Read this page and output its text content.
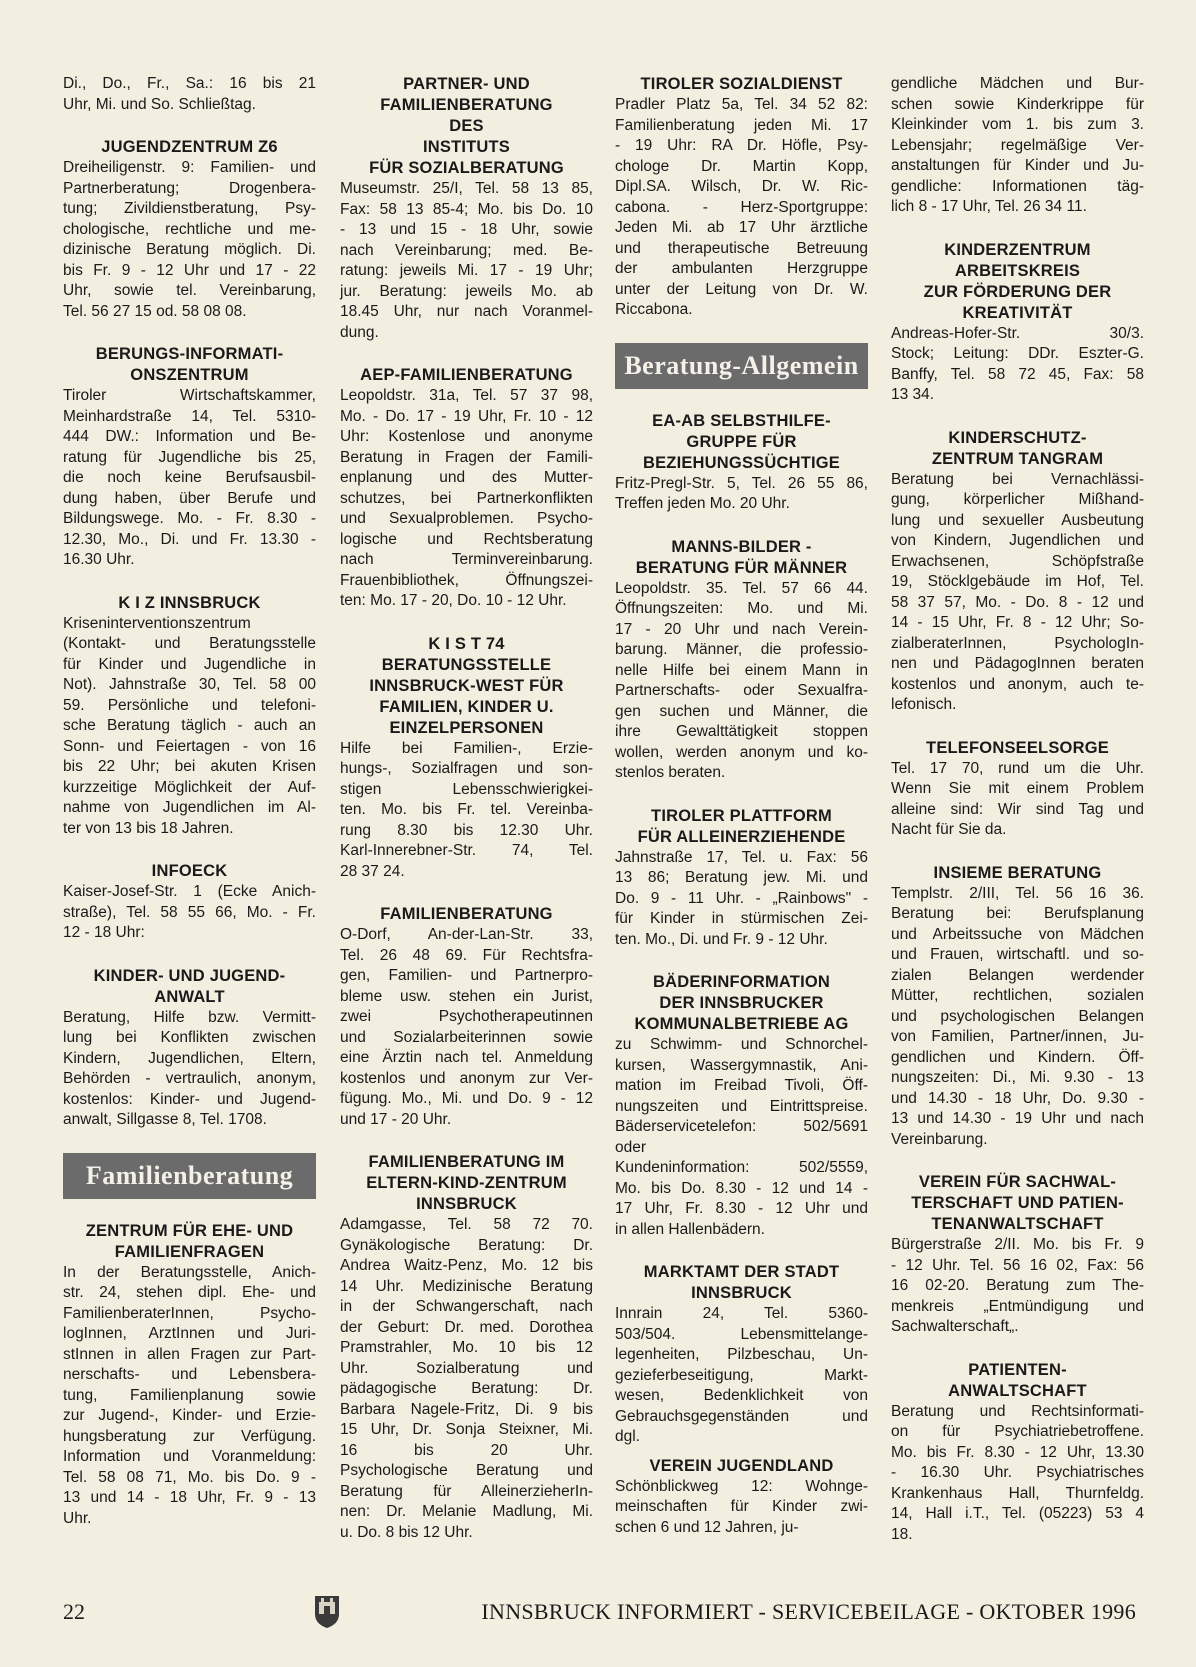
Di., Do., Fr., Sa.: 16 bis 21
Uhr, Mi. und So. Schließtag.
JUGENDZENTRUM Z6
Dreiheiligenstr. 9: Familien- und
Partnerberatung; Drogenbera-
tung; Zivildienstberatung, Psy-
chologische, rechtliche und me-
dizinische Beratung möglich. Di.
bis Fr. 9 - 12 Uhr und 17 - 22
Uhr, sowie tel. Vereinbarung,
Tel. 56 27 15 od. 58 08 08.
BERUNGS-INFORMATI-
ONSZENTRUM
Tiroler Wirtschaftskammer,
Meinhardstraße 14, Tel. 5310-
444 DW.: Information und Be-
ratung für Jugendliche bis 25,
die noch keine Berufsausbil-
dung haben, über Berufe und
Bildungswege. Mo. - Fr. 8.30 -
12.30, Mo., Di. und Fr. 13.30 -
16.30 Uhr.
K I Z INNSBRUCK
Kriseninterventionszentrum
(Kontakt- und Beratungsstelle
für Kinder und Jugendliche in
Not). Jahnstraße 30, Tel. 58 00
59. Persönliche und telefoni-
sche Beratung täglich - auch an
Sonn- und Feiertagen - von 16
bis 22 Uhr; bei akuten Krisen
kurzzeitige Möglichkeit der Auf-
nahme von Jugendlichen im Al-
ter von 13 bis 18 Jahren.
INFOECK
Kaiser-Josef-Str. 1 (Ecke Anich-
straße), Tel. 58 55 66, Mo. - Fr.
12 - 18 Uhr:
KINDER- UND JUGEND-
ANWALT
Beratung, Hilfe bzw. Vermitt-
lung bei Konflikten zwischen
Kindern, Jugendlichen, Eltern,
Behörden - vertraulich, anonym,
kostenlos: Kinder- und Jugend-
anwalt, Sillgasse 8, Tel. 1708.
Familienberatung
ZENTRUM FÜR EHE- UND
FAMILIENFRAGEN
In der Beratungsstelle, Anich-
str. 24, stehen dipl. Ehe- und
FamilienberaterInnen, Psycho-
logInnen, ArztInnen und Juri-
stInnen in allen Fragen zur Part-
nerschafts- und Lebensbera-
tung, Familienplanung sowie
zur Jugend-, Kinder- und Erzie-
hungsberatung zur Verfügung.
Information und Voranmeldung:
Tel. 58 08 71, Mo. bis Do. 9 -
13 und 14 - 18 Uhr, Fr. 9 - 13
Uhr.
PARTNER- UND
FAMILIENBERATUNG
DES
INSTITUTS
FÜR SOZIALBERATUNG
Museumstr. 25/I, Tel. 58 13 85,
Fax: 58 13 85-4; Mo. bis Do. 10
- 13 und 15 - 18 Uhr, sowie
nach Vereinbarung; med. Be-
ratung: jeweils Mi. 17 - 19 Uhr;
jur. Beratung: jeweils Mo. ab
18.45 Uhr, nur nach Voranmel-
dung.
AEP-FAMILIENBERATUNG
Leopoldstr. 31a, Tel. 57 37 98,
Mo. - Do. 17 - 19 Uhr, Fr. 10 - 12
Uhr: Kostenlose und anonyme
Beratung in Fragen der Famili-
enplanung und des Mutter-
schutzes, bei Partnerkonflikten
und Sexualproblemen. Psycho-
logische und Rechtsberatung
nach Terminvereinbarung.
Frauenbibliothek, Öffnungszei-
ten: Mo. 17 - 20, Do. 10 - 12 Uhr.
K I S T 74
BERATUNGSSTELLE
INNSBRUCK-WEST FÜR
FAMILIEN, KINDER U.
EINZELPERSONEN
Hilfe bei Familien-, Erzie-
hungs-, Sozialfragen und son-
stigen Lebensschwierigkei-
ten. Mo. bis Fr. tel. Vereinba-
rung 8.30 bis 12.30 Uhr.
Karl-Innerebner-Str. 74, Tel.
28 37 24.
FAMILIENBERATUNG
O-Dorf, An-der-Lan-Str. 33,
Tel. 26 48 69. Für Rechtsfra-
gen, Familien- und Partnerpro-
bleme usw. stehen ein Jurist,
zwei Psychotherapeutinnen
und Sozialarbeiterinnen sowie
eine Ärztin nach tel. Anmeldung
kostenlos und anonym zur Ver-
fügung. Mo., Mi. und Do. 9 - 12
und 17 - 20 Uhr.
FAMILIENBERATUNG IM
ELTERN-KIND-ZENTRUM
INNSBRUCK
Adamgasse, Tel. 58 72 70.
Gynäkologische Beratung: Dr.
Andrea Waitz-Penz, Mo. 12 bis
14 Uhr. Medizinische Beratung
in der Schwangerschaft, nach
der Geburt: Dr. med. Dorothea
Pramstrahler, Mo. 10 bis 12
Uhr. Sozialberatung und
pädagogische Beratung: Dr.
Barbara Nagele-Fritz, Di. 9 bis
15 Uhr, Dr. Sonja Steixner, Mi.
16 bis 20 Uhr.
Psychologische Beratung und
Beratung für AlleinerzieherIn-
nen: Dr. Melanie Madlung, Mi.
u. Do. 8 bis 12 Uhr.
TIROLER SOZIALDIENST
Pradler Platz 5a, Tel. 34 52 82:
Familienberatung jeden Mi. 17
- 19 Uhr: RA Dr. Höfle, Psy-
chologe Dr. Martin Kopp,
Dipl.SA. Wilsch, Dr. W. Ric-
cabona. - Herz-Sportgruppe:
Jeden Mi. ab 17 Uhr ärztliche
und therapeutische Betreuung
der ambulanten Herzgruppe
unter der Leitung von Dr. W.
Riccabona.
Beratung-Allgemein
EA-AB SELBSTHILFE-
GRUPPE FÜR
BEZIEHUNGSSÜCHTIGE
Fritz-Pregl-Str. 5, Tel. 26 55 86,
Treffen jeden Mo. 20 Uhr.
MANNS-BILDER -
BERATUNG FÜR MÄNNER
Leopoldstr. 35. Tel. 57 66 44.
Öffnungszeiten: Mo. und Mi.
17 - 20 Uhr und nach Verein-
barung. Männer, die professio-
nelle Hilfe bei einem Mann in
Partnerschafts- oder Sexualfra-
gen suchen und Männer, die
ihre Gewalttätigkeit stoppen
wollen, werden anonym und ko-
stenlos beraten.
TIROLER PLATTFORM
FÜR ALLEINERZIEHENDE
Jahnstraße 17, Tel. u. Fax: 56
13 86; Beratung jew. Mi. und
Do. 9 - 11 Uhr. - „Rainbows" -
für Kinder in stürmischen Zei-
ten. Mo., Di. und Fr. 9 - 12 Uhr.
BÄDERINFORMATION
DER INNSBRUCKER
KOMMUNALBETRIEBE AG
zu Schwimm- und Schnorchel-
kursen, Wassergymnastik, Ani-
mation im Freibad Tivoli, Öff-
nungszeiten und Eintrittspreise.
Bäderservicetelefon: 502/5691
oder
Kundeninformation: 502/5559,
Mo. bis Do. 8.30 - 12 und 14 -
17 Uhr, Fr. 8.30 - 12 Uhr und
in allen Hallenbädern.
MARKTAMT DER STADT
INNSBRUCK
Innrain 24, Tel. 5360-
503/504. Lebensmittelange-
legenheiten, Pilzbeschau, Un-
gezieferbeseitigung, Markt-
wesen, Bedenklichkeit von
Gebrauchsgegenständen und
dgl.
VEREIN JUGENDLAND
Schönblickweg 12: Wohnge-
meinschaften für Kinder zwi-
schen 6 und 12 Jahren, ju-
gendliche Mädchen und Bur-
schen sowie Kinderkrippe für
Kleinkinder vom 1. bis zum 3.
Lebensjahr; regelmäßige Ver-
anstaltungen für Kinder und Ju-
gendliche: Informationen täg-
lich 8 - 17 Uhr, Tel. 26 34 11.
KINDERZENTRUM
ARBEITSKREIS
ZUR FÖRDERUNG DER
KREATIVITÄT
Andreas-Hofer-Str. 30/3.
Stock; Leitung: DDr. Eszter-G.
Banffy, Tel. 58 72 45, Fax: 58
13 34.
KINDERSCHUTZ-
ZENTRUM TANGRAM
Beratung bei Vernachlässi-
gung, körperlicher Mißhand-
lung und sexueller Ausbeutung
von Kindern, Jugendlichen und
Erwachsenen, Schöpfstraße
19, Stöcklgebäude im Hof, Tel.
58 37 57, Mo. - Do. 8 - 12 und
14 - 15 Uhr, Fr. 8 - 12 Uhr; So-
zialberaterInnen, PsychologIn-
nen und PädagogInnen beraten
kostenlos und anonym, auch te-
lefonisch.
TELEFONSEELSORGE
Tel. 17 70, rund um die Uhr.
Wenn Sie mit einem Problem
alleine sind: Wir sind Tag und
Nacht für Sie da.
INSIEME BERATUNG
Templstr. 2/III, Tel. 56 16 36.
Beratung bei: Berufsplanung
und Arbeitssuche von Mädchen
und Frauen, wirtschaftl. und so-
zialen Belangen werdender
Mütter, rechtlichen, sozialen
und psychologischen Belangen
von Familien, Partner/innen, Ju-
gendlichen und Kindern. Öff-
nungszeiten: Di., Mi. 9.30 - 13
und 14.30 - 18 Uhr, Do. 9.30 -
13 und 14.30 - 19 Uhr und nach
Vereinbarung.
VEREIN FÜR SACHWAL-
TERSCHAFT UND PATIEN-
TENANWALTSCHAFT
Bürgerstraße 2/II. Mo. bis Fr. 9
- 12 Uhr. Tel. 56 16 02, Fax: 56
16 02-20. Beratung zum The-
menkreis „Entmündigung und
Sachwalterschaft„.
PATIENTEN-
ANWALTSCHAFT
Beratung und Rechtsinformati-
on für Psychiatriebetroffene.
Mo. bis Fr. 8.30 - 12 Uhr, 13.30
- 16.30 Uhr. Psychiatrisches
Krankenhaus Hall, Thurnfeldg.
14, Hall i.T., Tel. (05223) 53 4
18.
22	INNSBRUCK INFORMIERT - SERVICEBEILAGE - OKTOBER 1996
